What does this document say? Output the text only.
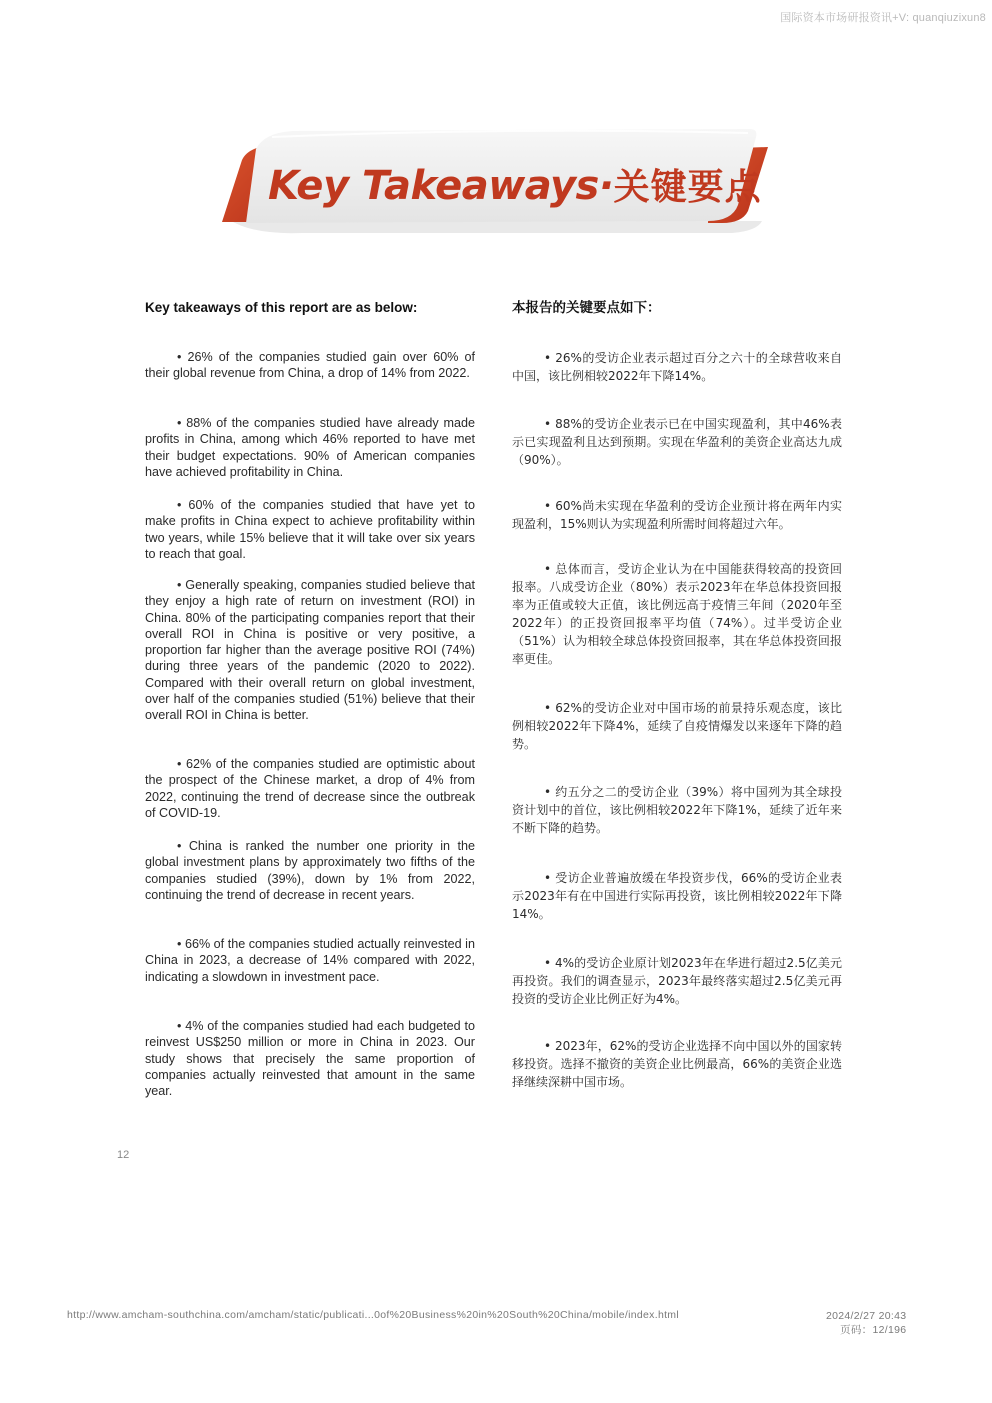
国际资本市场研报资讯+V: quanqiuzixun8
Key Takeaways·关键要点

Key takeaways of this report are as below:

• 26% of the companies studied gain over 60% of their global revenue from China, a drop of 14% from 2022.

• 88% of the companies studied have already made profits in China, among which 46% reported to have met their budget expectations. 90% of American companies have achieved profitability in China.

• 60% of the companies studied that have yet to make profits in China expect to achieve profitability within two years, while 15% believe that it will take over six years to reach that goal.

• Generally speaking, companies studied believe that they enjoy a high rate of return on investment (ROI) in China. 80% of the participating companies report that their overall ROI in China is positive or very positive, a proportion far higher than the average positive ROI (74%) during three years of the pandemic (2020 to 2022). Compared with their overall return on global investment, over half of the companies studied (51%) believe that their overall ROI in China is better.

• 62% of the companies studied are optimistic about the prospect of the Chinese market, a drop of 4% from 2022, continuing the trend of decrease since the outbreak of COVID-19.

• China is ranked the number one priority in the global investment plans by approximately two fifths of the companies studied (39%), down by 1% from 2022, continuing the trend of decrease in recent years.

• 66% of the companies studied actually reinvested in China in 2023, a decrease of 14% compared with 2022, indicating a slowdown in investment pace.

• 4% of the companies studied had each budgeted to reinvest US$250 million or more in China in 2023. Our study shows that precisely the same proportion of companies actually reinvested that amount in the same year.

本报告的关键要点如下：

• 26%的受访企业表示超过百分之六十的全球营收来自中国，该比例相较2022年下降14%。

• 88%的受访企业表示已在中国实现盈利，其中46%表示已实现盈利且达到预期。实现在华盈利的美资企业高达九成（90%）。

• 60%尚未实现在华盈利的受访企业预计将在两年内实现盈利，15%则认为实现盈利所需时间将超过六年。

• 总体而言，受访企业认为在中国能获得较高的投资回报率。八成受访企业（80%）表示2023年在华总体投资回报率为正值或较大正值，该比例远高于疫情三年间（2020年至2022年）的正投资回报率平均值（74%）。过半受访企业（51%）认为相较全球总体投资回报率，其在华总体投资回报率更佳。

• 62%的受访企业对中国市场的前景持乐观态度，该比例相较2022年下降4%，延续了自疫情爆发以来逐年下降的趋势。

• 约五分之二的受访企业（39%）将中国列为其全球投资计划中的首位，该比例相较2022年下降1%，延续了近年来不断下降的趋势。

• 受访企业普遍放缓在华投资步伐，66%的受访企业表示2023年有在中国进行实际再投资，该比例相较2022年下降14%。

• 4%的受访企业原计划2023年在华进行超过2.5亿美元再投资。我们的调查显示，2023年最终落实超过2.5亿美元再投资的受访企业比例正好为4%。

• 2023年，62%的受访企业选择不向中国以外的国家转移投资。选择不撤资的美资企业比例最高，66%的美资企业选择继续深耕中国市场。

12
http://www.amcham-southchina.com/amcham/static/publicati...0of%20Business%20in%20South%20China/mobile/index.html	2024/2/27 20:43
页码：12/196
